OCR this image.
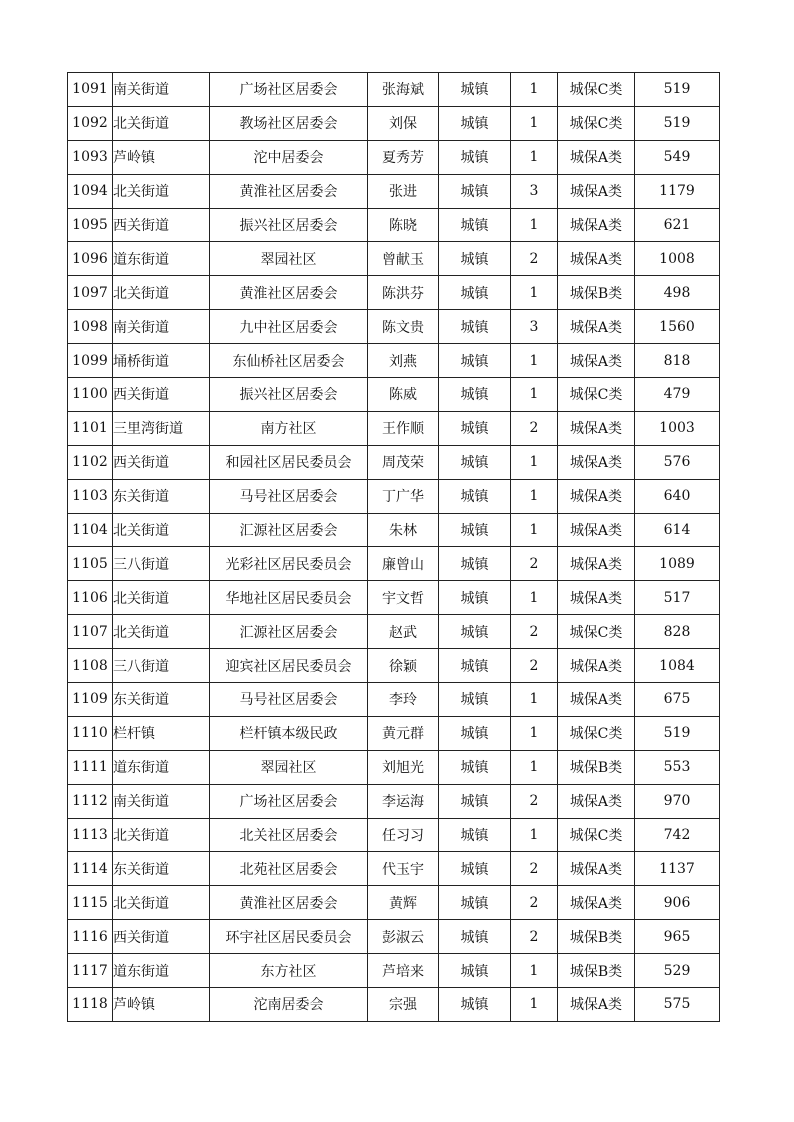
1091	南关街道	广场社区居委会	张海斌	城镇	1	城保C类	519
1092	北关街道	教场社区居委会	刘保	城镇	1	城保C类	519
1093	芦岭镇	沱中居委会	夏秀芳	城镇	1	城保A类	549
1094	北关街道	黄淮社区居委会	张进	城镇	3	城保A类	1179
1095	西关街道	振兴社区居委会	陈晓	城镇	1	城保A类	621
1096	道东街道	翠园社区	曾献玉	城镇	2	城保A类	1008
1097	北关街道	黄淮社区居委会	陈洪芬	城镇	1	城保B类	498
1098	南关街道	九中社区居委会	陈文贵	城镇	3	城保A类	1560
1099	埇桥街道	东仙桥社区居委会	刘燕	城镇	1	城保A类	818
1100	西关街道	振兴社区居委会	陈威	城镇	1	城保C类	479
1101	三里湾街道	南方社区	王作顺	城镇	2	城保A类	1003
1102	西关街道	和园社区居民委员会	周茂荣	城镇	1	城保A类	576
1103	东关街道	马号社区居委会	丁广华	城镇	1	城保A类	640
1104	北关街道	汇源社区居委会	朱林	城镇	1	城保A类	614
1105	三八街道	光彩社区居民委员会	廉曾山	城镇	2	城保A类	1089
1106	北关街道	华地社区居民委员会	宇文哲	城镇	1	城保A类	517
1107	北关街道	汇源社区居委会	赵武	城镇	2	城保C类	828
1108	三八街道	迎宾社区居民委员会	徐颖	城镇	2	城保A类	1084
1109	东关街道	马号社区居委会	李玲	城镇	1	城保A类	675
1110	栏杆镇	栏杆镇本级民政	黄元群	城镇	1	城保C类	519
1111	道东街道	翠园社区	刘旭光	城镇	1	城保B类	553
1112	南关街道	广场社区居委会	李运海	城镇	2	城保A类	970
1113	北关街道	北关社区居委会	任习习	城镇	1	城保C类	742
1114	东关街道	北苑社区居委会	代玉宇	城镇	2	城保A类	1137
1115	北关街道	黄淮社区居委会	黄辉	城镇	2	城保A类	906
1116	西关街道	环宇社区居民委员会	彭淑云	城镇	2	城保B类	965
1117	道东街道	东方社区	芦培来	城镇	1	城保B类	529
1118	芦岭镇	沱南居委会	宗强	城镇	1	城保A类	575
